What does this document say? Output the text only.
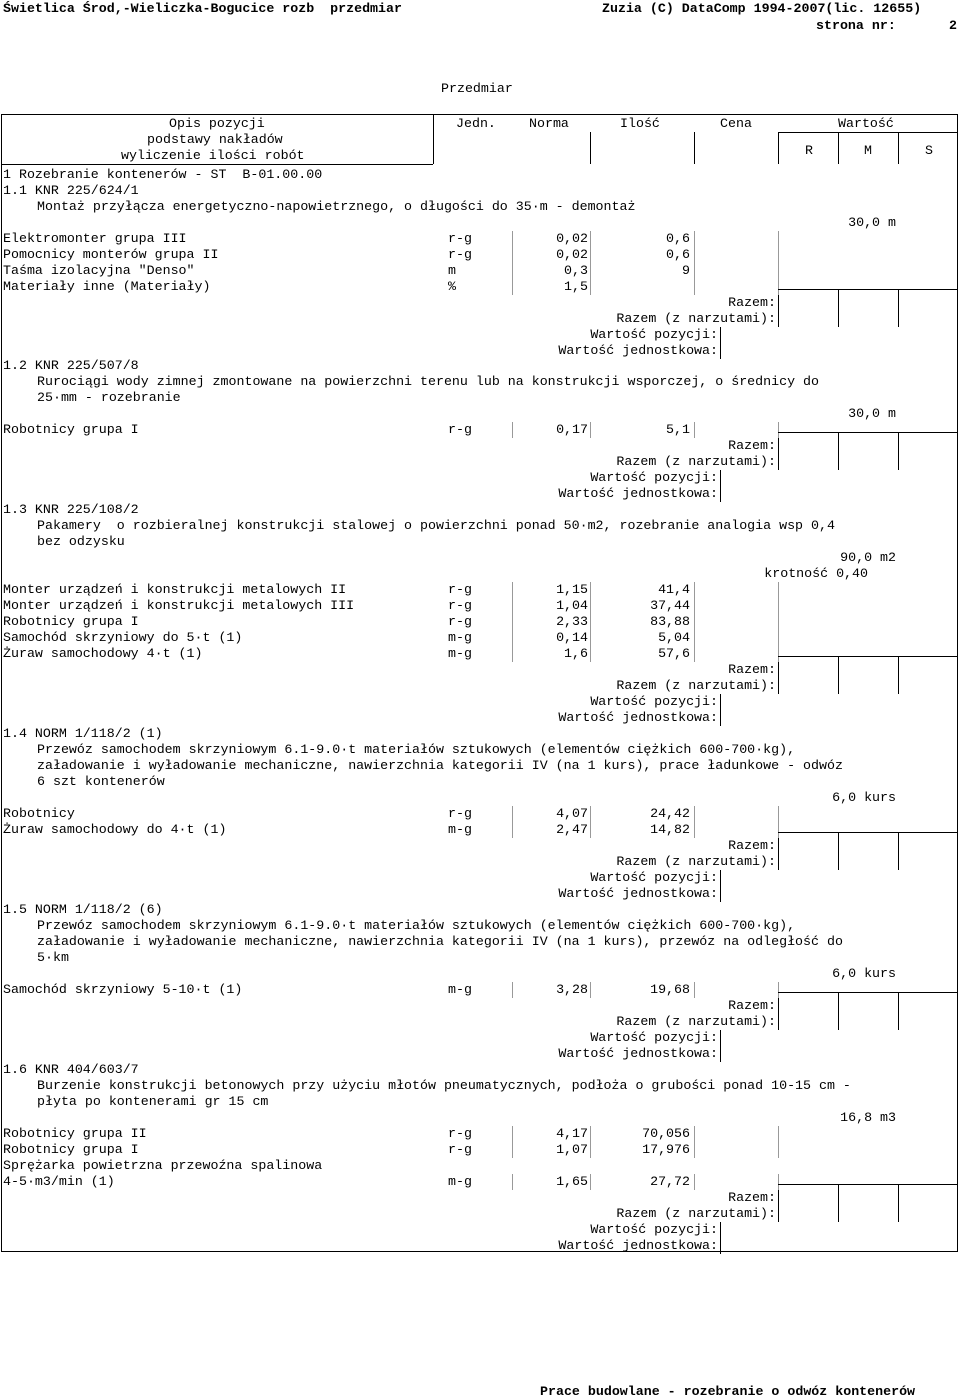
Świetlica Środ,-Wieliczka-Bogucice rozb  przedmiar	Zuzia (C) DataComp 1994-2007(lic. 12655)
strona nr:	2
Przedmiar
Opis pozycji
podstawy nakładów
wyliczenie ilości robót
Jedn. Norma	Ilość	Cena	Wartość
R	M	S
1 Rozebranie kontenerów - ST  B-01.00.00
1.1 KNR 225/624/1
Montaż przyłącza energetyczno-napowietrznego, o długości do 35·m - demontaż
30,0 m
Elektromonter grupa III	r-g	0,02	0,6
Pomocnicy monterów grupa II	r-g	0,02	0,6
Taśma izolacyjna "Denso"	m	0,3	9
Materiały inne (Materiały)	%	1,5
Razem:
Razem (z narzutami):
Wartość pozycji:
Wartość jednostkowa:
1.2 KNR 225/507/8
Rurociągi wody zimnej zmontowane na powierzchni terenu lub na konstrukcji wsporczej, o średnicy do
25·mm - rozebranie
30,0 m
Robotnicy grupa I	r-g	0,17	5,1
Razem:
Razem (z narzutami):
Wartość pozycji:
Wartość jednostkowa:
1.3 KNR 225/108/2
Pakamery  o rozbieralnej konstrukcji stalowej o powierzchni ponad 50·m2, rozebranie analogia wsp 0,4
bez odzysku
90,0 m2
krotność 0,40
Monter urządzeń i konstrukcji metalowych II	r-g	1,15	41,4
Monter urządzeń i konstrukcji metalowych III	r-g	1,04	37,44
Robotnicy grupa I	r-g	2,33	83,88
Samochód skrzyniowy do 5·t (1)	m-g	0,14	5,04
Żuraw samochodowy 4·t (1)	m-g	1,6	57,6
Razem:
Razem (z narzutami):
Wartość pozycji:
Wartość jednostkowa:
1.4 NORM 1/118/2 (1)
Przewóz samochodem skrzyniowym 6.1-9.0·t materiałów sztukowych (elementów ciężkich 600-700·kg),
załadowanie i wyładowanie mechaniczne, nawierzchnia kategorii IV (na 1 kurs), prace ładunkowe - odwóz
6 szt kontenerów
6,0 kurs
Robotnicy	r-g	4,07	24,42
Żuraw samochodowy do 4·t (1)	m-g	2,47	14,82
Razem:
Razem (z narzutami):
Wartość pozycji:
Wartość jednostkowa:
1.5 NORM 1/118/2 (6)
Przewóz samochodem skrzyniowym 6.1-9.0·t materiałów sztukowych (elementów ciężkich 600-700·kg),
załadowanie i wyładowanie mechaniczne, nawierzchnia kategorii IV (na 1 kurs), przewóz na odległość do
5·km
6,0 kurs
Samochód skrzyniowy 5-10·t (1)	m-g	3,28	19,68
Razem:
Razem (z narzutami):
Wartość pozycji:
Wartość jednostkowa:
1.6 KNR 404/603/7
Burzenie konstrukcji betonowych przy użyciu młotów pneumatycznych, podłoża o grubości ponad 10-15 cm -
płyta po kontenerami gr 15 cm
16,8 m3
Robotnicy grupa II	r-g	4,17	70,056
Robotnicy grupa I	r-g	1,07	17,976
Sprężarka powietrzna przewoźna spalinowa
4-5·m3/min (1)	m-g	1,65	27,72
Razem:
Razem (z narzutami):
Wartość pozycji:
Wartość jednostkowa:
Prace budowlane - rozebranie o odwóz kontenerów
